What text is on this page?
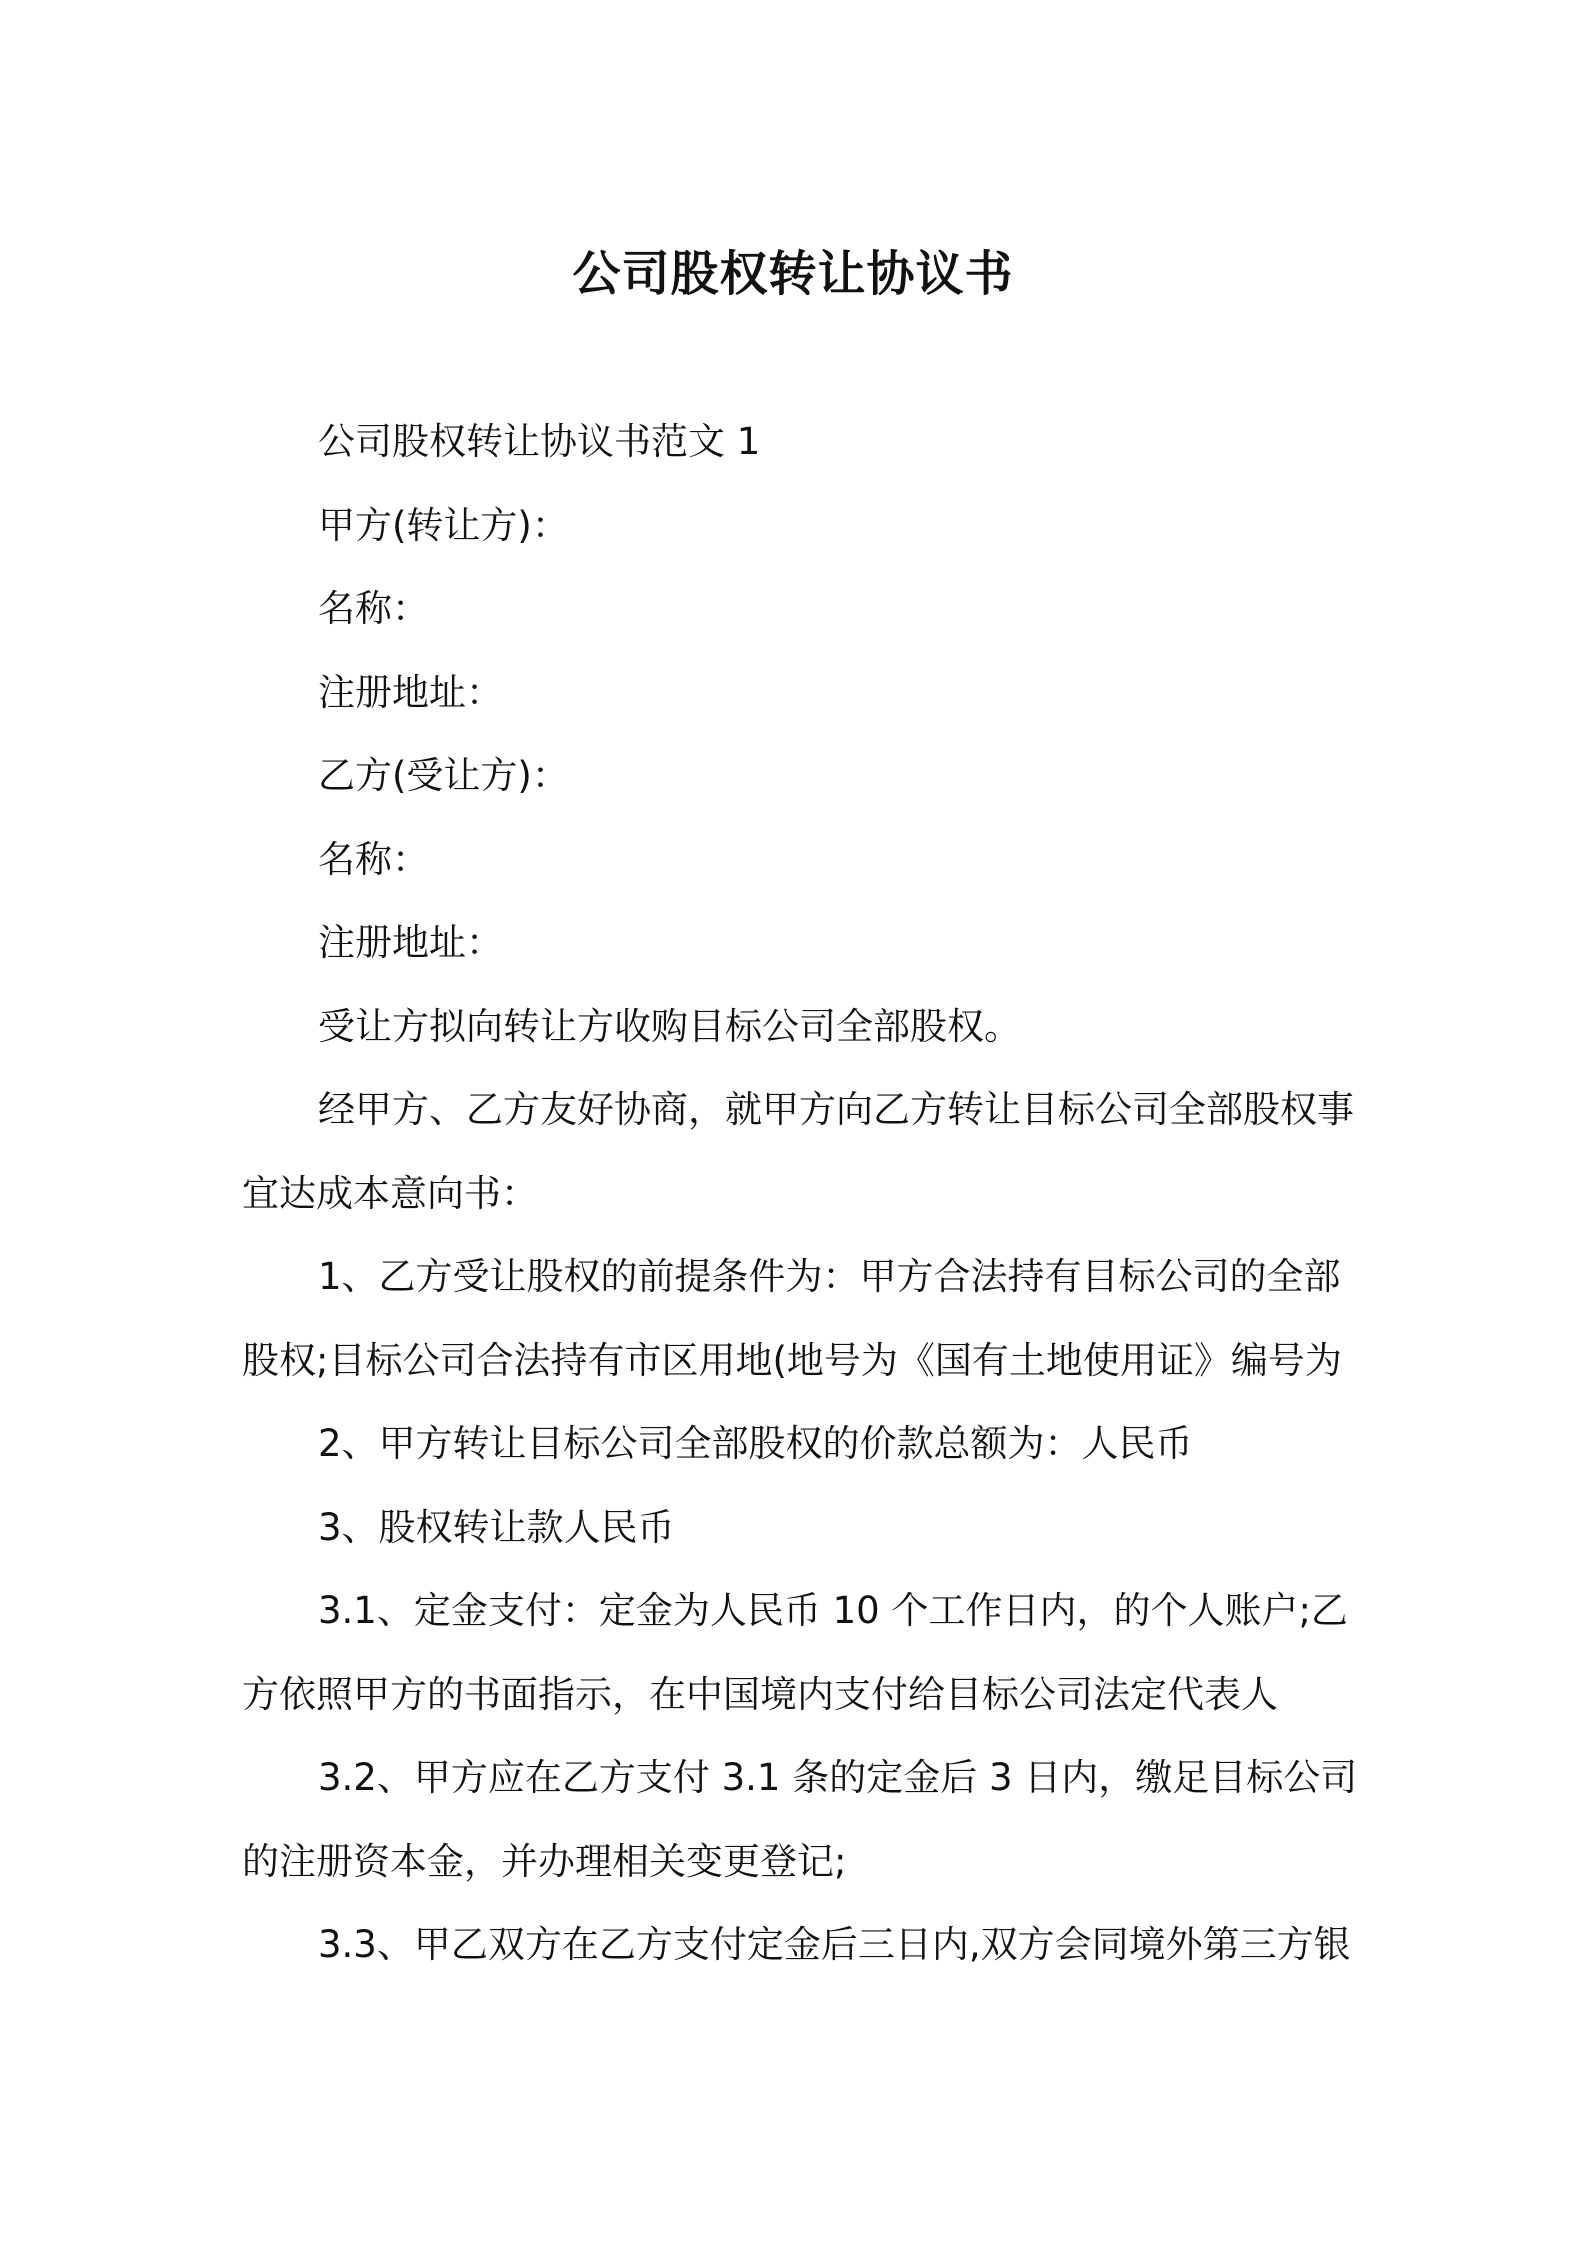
公司股权转让协议书

公司股权转让协议书范文 1

甲方(转让方)：

名称：

注册地址：

乙方(受让方)：

名称：

注册地址：

受让方拟向转让方收购目标公司全部股权。

经甲方、乙方友好协商，就甲方向乙方转让目标公司全部股权事

宜达成本意向书：

1、乙方受让股权的前提条件为：甲方合法持有目标公司的全部

股权;目标公司合法持有市区用地(地号为《国有土地使用证》编号为

2、甲方转让目标公司全部股权的价款总额为：人民币

3、股权转让款人民币

3.1、定金支付：定金为人民币 10 个工作日内，的个人账户;乙

方依照甲方的书面指示，在中国境内支付给目标公司法定代表人

3.2、甲方应在乙方支付 3.1 条的定金后 3 日内，缴足目标公司

的注册资本金，并办理相关变更登记;

3.3、甲乙双方在乙方支付定金后三日内,双方会同境外第三方银
